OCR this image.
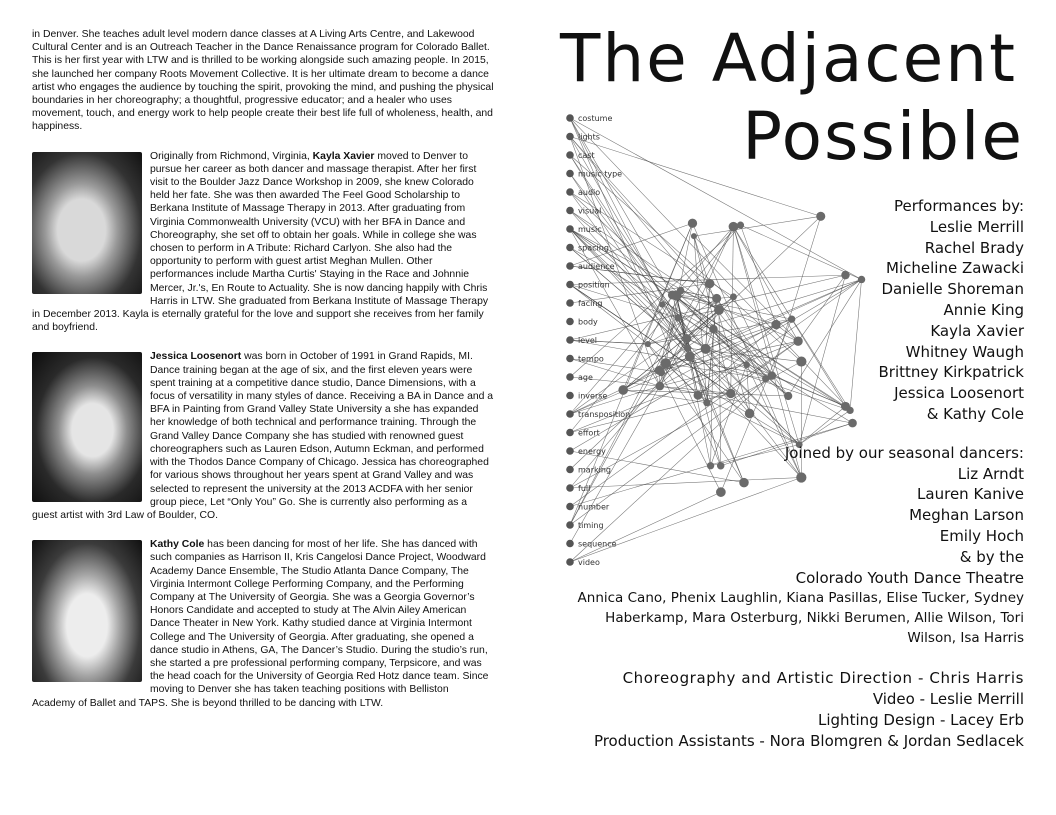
in Denver. She teaches adult level modern dance classes at A Living Arts Centre, and Lakewood Cultural Center and is an Outreach Teacher in the Dance Renaissance program for Colorado Ballet. This is her first year with LTW and is thrilled to be working alongside such amazing people. In 2015, she launched her company Roots Movement Collective. It is her ultimate dream to become a dance artist who engages the audience by touching the spirit, provoking the mind, and pushing the physical boundaries in her choreography; a thoughtful, progressive educator; and a healer who uses movement, touch, and energy work to help people create their best life full of wholeness, health, and happiness.

Originally from Richmond, Virginia, Kayla Xavier moved to Denver to pursue her career as both dancer and massage therapist. After her first visit to the Boulder Jazz Dance Workshop in 2009, she knew Colorado held her fate. She was then awarded The Feel Good Scholarship to Berkana Institute of Massage Therapy in 2013. After graduating from Virginia Commonwealth University (VCU) with her BFA in Dance and Choreography, she set off to obtain her goals. While in college she was chosen to perform in A Tribute: Richard Carlyon. She also had the opportunity to perform with guest artist Meghan Mullen. Other performances include Martha Curtis' Staying in the Race and Johnnie Mercer, Jr.'s, En Route to Actuality. She is now dancing happily with Chris Harris in LTW. She graduated from Berkana Institute of Massage Therapy in December 2013. Kayla is eternally grateful for the love and support she receives from her family and boyfriend.
Jessica Loosenort was born in October of 1991 in Grand Rapids, MI. Dance training began at the age of six, and the first eleven years were spent training at a competitive dance studio, Dance Dimensions, with a focus of versatility in many styles of dance. Receiving a BA in Dance and a BFA in Painting from Grand Valley State University a she has expanded her knowledge of both technical and performance training. Through the Grand Valley Dance Company she has studied with renowned guest choreographers such as Lauren Edson, Autumn Eckman, and performed with the Thodos Dance Company of Chicago. Jessica has choreographed for various shows throughout her years spent at Grand Valley and was selected to represent the university at the 2013 ACDFA with her senior group piece, Let “Only You” Go. She is currently also performing as a guest artist with 3rd Law of Boulder, CO.
Kathy Cole has been dancing for most of her life. She has danced with such companies as Harrison II, Kris Cangelosi Dance Project, Woodward Academy Dance Ensemble, The Studio Atlanta Dance Company, The Virginia Intermont College Performing Company, and the Performing Company at The University of Georgia. She was a Georgia Governor’s Honors Candidate and accepted to study at The Alvin Ailey American Dance Theater in New York. Kathy studied dance at Virginia Intermont College and The University of Georgia. After graduating, she opened a dance studio in Athens, GA, The Dancer’s Studio. During the studio’s run, she started a pre professional performing company, Terpsicore, and was the head coach for the University of Georgia Red Hotz dance team. Since moving to Denver she has taken teaching positions with Belliston Academy of Ballet and TAPS. She is beyond thrilled to be dancing with LTW.
The Adjacent
Possible
costume
lights
cast
music type
audio
visual
music
spacing
audience
position
facing
body
level
tempo
age
inverse
transposition
effort
energy
marking
full
number
timing
sequence
video
Performances by:
Leslie Merrill
Rachel Brady
Micheline Zawacki
Danielle Shoreman
Annie King
Kayla Xavier
Whitney Waugh
Brittney Kirkpatrick
Jessica Loosenort
& Kathy Cole
Joined by our seasonal dancers:
Liz Arndt
Lauren Kanive
Meghan Larson
Emily Hoch
& by the
Colorado Youth Dance Theatre
Annica Cano, Phenix Laughlin, Kiana Pasillas, Elise Tucker, Sydney Haberkamp, Mara Osterburg, Nikki Berumen, Allie Wilson, Tori Wilson, Isa Harris
Choreography and Artistic Direction - Chris Harris
Video - Leslie Merrill
Lighting Design - Lacey Erb
Production Assistants - Nora Blomgren & Jordan Sedlacek
